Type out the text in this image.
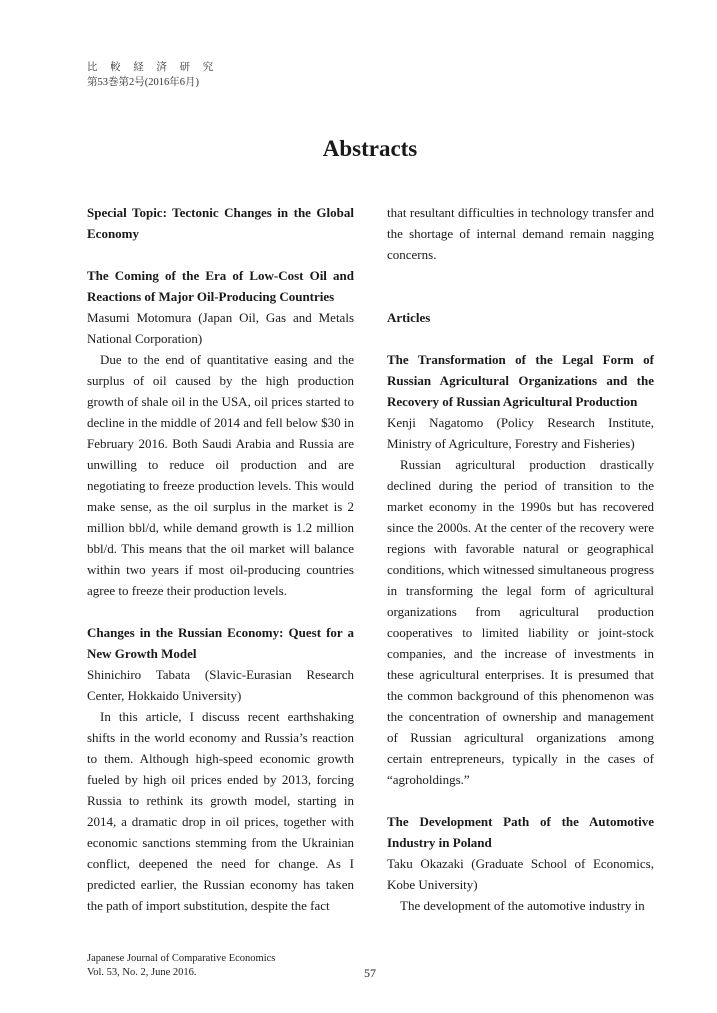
比 較 経 済 研 究
第53巻第2号(2016年6月)
Abstracts

Special Topic: Tectonic Changes in the Global Economy

The Coming of the Era of Low-Cost Oil and Reactions of Major Oil-Producing Countries

Masumi Motomura (Japan Oil, Gas and Metals National Corporation)

Due to the end of quantitative easing and the surplus of oil caused by the high production growth of shale oil in the USA, oil prices started to decline in the middle of 2014 and fell below $30 in February 2016. Both Saudi Arabia and Russia are unwilling to reduce oil production and are negotiating to freeze production levels. This would make sense, as the oil surplus in the market is 2 million bbl/d, while demand growth is 1.2 million bbl/d. This means that the oil market will balance within two years if most oil-producing countries agree to freeze their production levels.

Changes in the Russian Economy: Quest for a New Growth Model

Shinichiro Tabata (Slavic-Eurasian Research Center, Hokkaido University)

In this article, I discuss recent earthshaking shifts in the world economy and Russia’s reaction to them. Although high-speed economic growth fueled by high oil prices ended by 2013, forcing Russia to rethink its growth model, starting in 2014, a dramatic drop in oil prices, together with economic sanctions stemming from the Ukrainian conflict, deepened the need for change. As I predicted earlier, the Russian economy has taken the path of import substitution, despite the fact

that resultant difficulties in technology transfer and the shortage of internal demand remain nagging concerns.

Articles

The Transformation of the Legal Form of Russian Agricultural Organizations and the Recovery of Russian Agricultural Production

Kenji Nagatomo (Policy Research Institute, Ministry of Agriculture, Forestry and Fisheries)

Russian agricultural production drastically declined during the period of transition to the market economy in the 1990s but has recovered since the 2000s. At the center of the recovery were regions with favorable natural or geographical conditions, which witnessed simultaneous progress in transforming the legal form of agricultural organizations from agricultural production cooperatives to limited liability or joint-stock companies, and the increase of investments in these agricultural enterprises. It is presumed that the common background of this phenomenon was the concentration of ownership and management of Russian agricultural organizations among certain entrepreneurs, typically in the cases of “agroholdings.”

The Development Path of the Automotive Industry in Poland

Taku Okazaki (Graduate School of Economics, Kobe University)

The development of the automotive industry in

Japanese Journal of Comparative Economics
Vol. 53, No. 2, June 2016.	57
